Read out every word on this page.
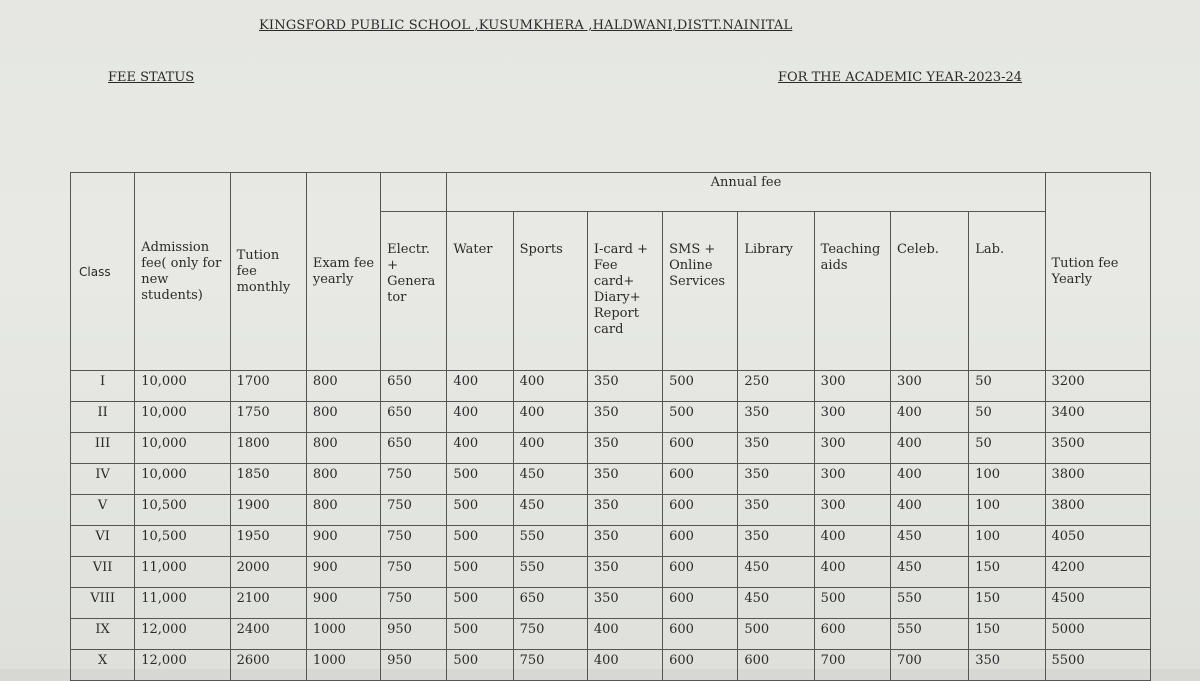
KINGSFORD PUBLIC SCHOOL ,KUSUMKHERA ,HALDWANI,DISTT.NAINITAL
FEE STATUS	FOR THE ACADEMIC YEAR-2023-24
Class	Admission fee( only for new students)	Tution fee monthly	Exam fee yearly		Annual fee								Tution fee Yearly
				Electr. + Genera tor	Water	Sports	I-card + Fee card+ Diary+ Report card	SMS + Online Services	Library	Teaching aids	Celeb.	Lab.	
I	10,000	1700	800	650	400	400	350	500	250	300	300	50	3200
II	10,000	1750	800	650	400	400	350	500	350	300	400	50	3400
III	10,000	1800	800	650	400	400	350	600	350	300	400	50	3500
IV	10,000	1850	800	750	500	450	350	600	350	300	400	100	3800
V	10,500	1900	800	750	500	450	350	600	350	300	400	100	3800
VI	10,500	1950	900	750	500	550	350	600	350	400	450	100	4050
VII	11,000	2000	900	750	500	550	350	600	450	400	450	150	4200
VIII	11,000	2100	900	750	500	650	350	600	450	500	550	150	4500
IX	12,000	2400	1000	950	500	750	400	600	500	600	550	150	5000
X	12,000	2600	1000	950	500	750	400	600	600	700	700	350	5500
